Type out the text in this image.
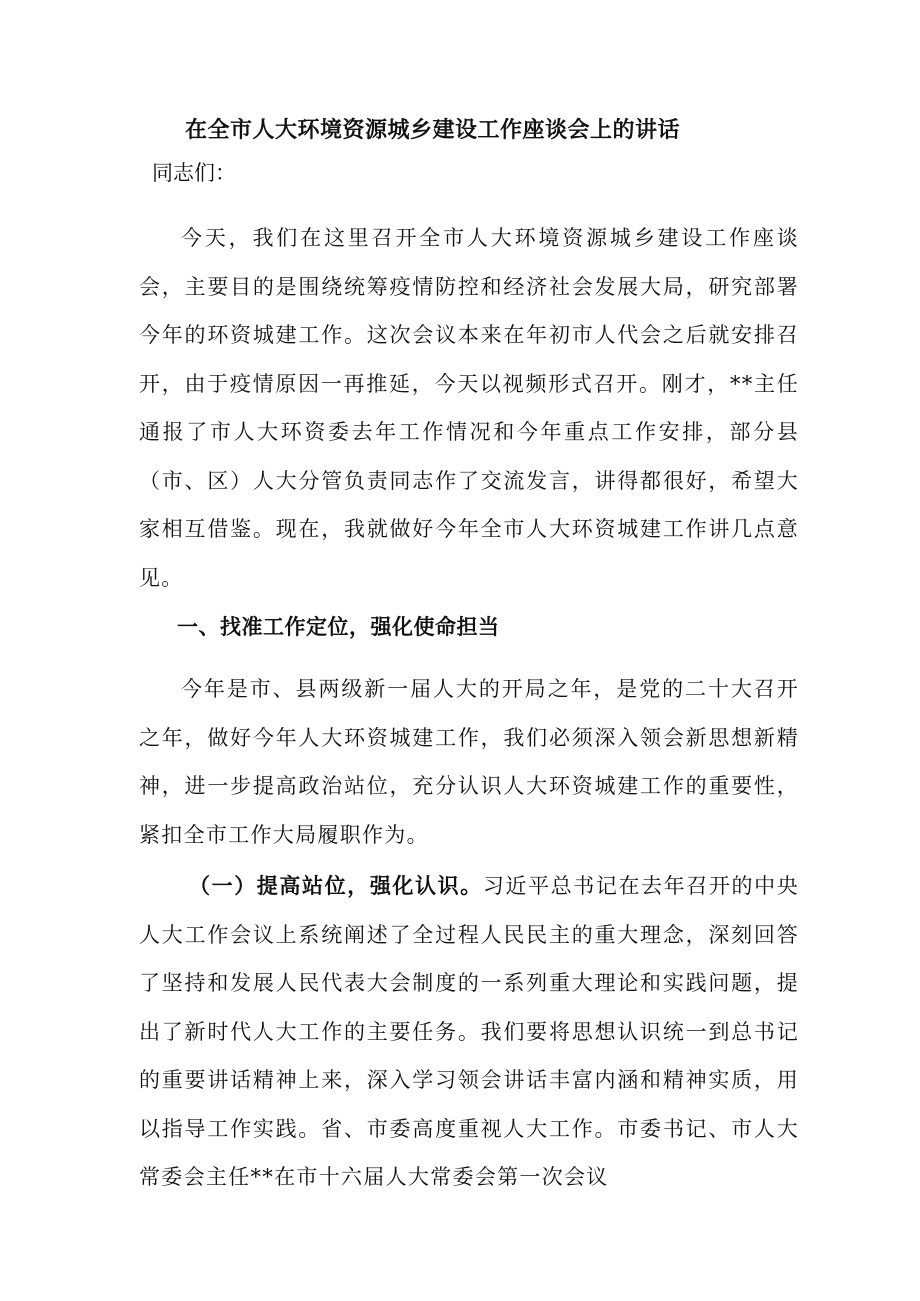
在全市人大环境资源城乡建设工作座谈会上的讲话
同志们：

今天，我们在这里召开全市人大环境资源城乡建设工作座谈会，主要目的是围绕统筹疫情防控和经济社会发展大局，研究部署今年的环资城建工作。这次会议本来在年初市人代会之后就安排召开，由于疫情原因一再推延，今天以视频形式召开。刚才，**主任通报了市人大环资委去年工作情况和今年重点工作安排，部分县（市、区）人大分管负责同志作了交流发言，讲得都很好，希望大家相互借鉴。现在，我就做好今年全市人大环资城建工作讲几点意见。

一、找准工作定位，强化使命担当

今年是市、县两级新一届人大的开局之年，是党的二十大召开之年，做好今年人大环资城建工作，我们必须深入领会新思想新精神，进一步提高政治站位，充分认识人大环资城建工作的重要性，紧扣全市工作大局履职作为。

（一）提高站位，强化认识。习近平总书记在去年召开的中央人大工作会议上系统阐述了全过程人民民主的重大理念，深刻回答了坚持和发展人民代表大会制度的一系列重大理论和实践问题，提出了新时代人大工作的主要任务。我们要将思想认识统一到总书记的重要讲话精神上来，深入学习领会讲话丰富内涵和精神实质，用以指导工作实践。省、市委高度重视人大工作。市委书记、市人大常委会主任**在市十六届人大常委会第一次会议
